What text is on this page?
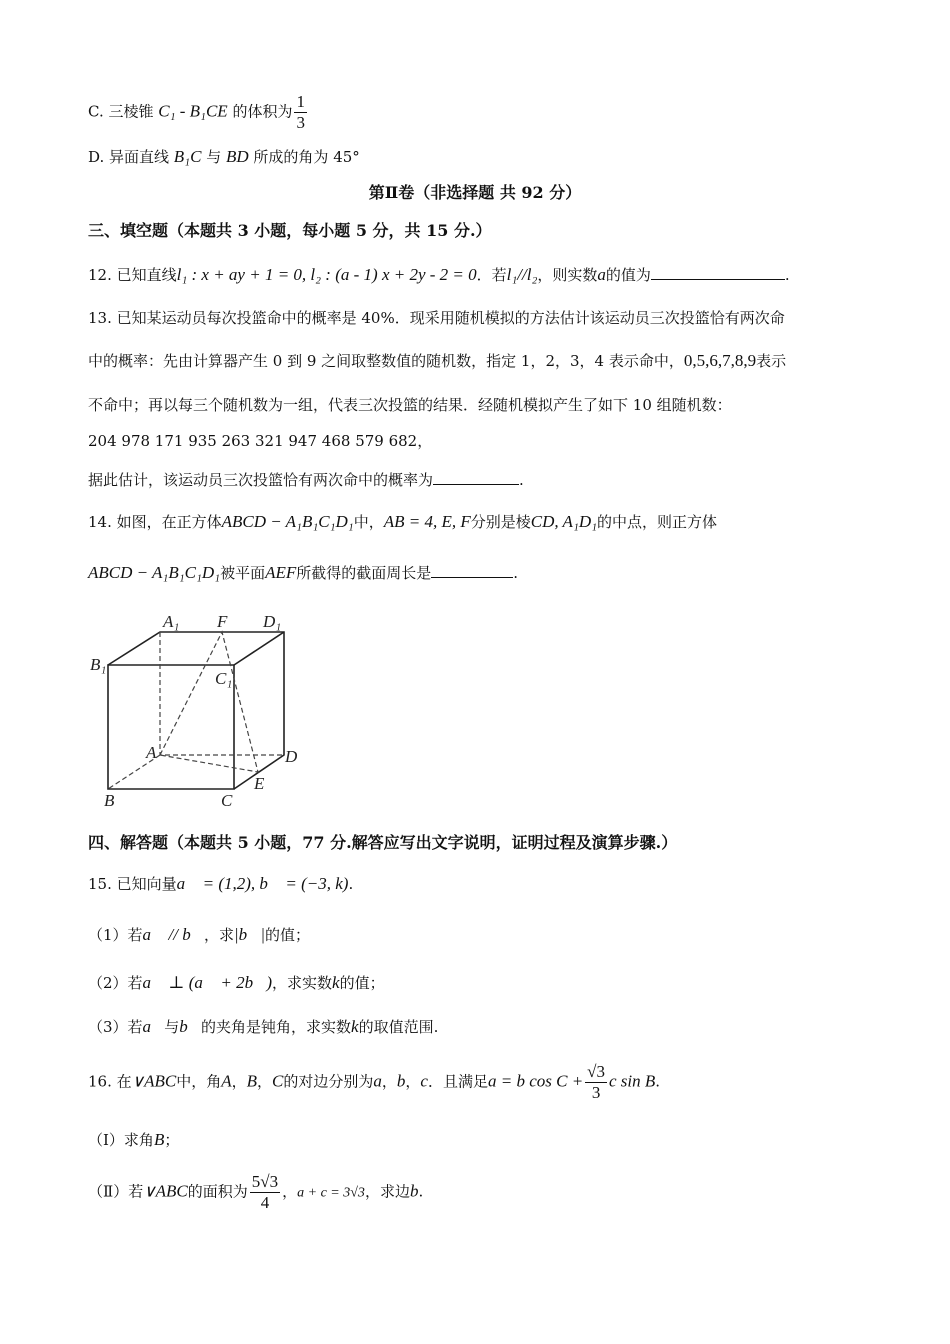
C. 三棱锥 C₁ - B₁CE 的体积为 $\frac{1}{3}$
D. 异面直线 B₁C 与 BD 所成的角为 45°
第Ⅱ卷（非选择题 共 92 分）
三、填空题（本题共 3 小题，每小题 5 分，共 15 分.）
12. 已知直线l₁ : x + ay + 1 = 0, l₂ : (a - 1) x + 2y - 2 = 0．若l₁//l₂，则实数a的值为	.
13. 已知某运动员每次投篮命中的概率是 40%．现采用随机模拟的方法估计该运动员三次投篮恰有两次命
中的概率：先由计算器产生 0 到 9 之间取整数值的随机数，指定 1，2，3，4 表示命中，0,5,6,7,8,9表示
不命中；再以每三个随机数为一组，代表三次投篮的结果．经随机模拟产生了如下 10 组随机数：
204 978 171 935 263 321 947 468 579 682，
据此估计，该运动员三次投篮恰有两次命中的概率为	.
14. 如图，在正方体ABCD − A₁B₁C₁D₁中，AB = 4, E, F分别是棱CD, A₁D₁的中点，则正方体
ABCD − A₁B₁C₁D₁被平面AEF所截得的截面周长是	.
A₁ F D₁
B₁
C₁
A	D
E
B	C
四、解答题（本题共 5 小题，77 分.解答应写出文字说明，证明过程及演算步骤.）
15. 已知向量a⃗ = (1,2), b⃗ = (−3, k).
（1）若a⃗ // b⃗，求|b⃗|的值；
（2）若a⃗ ⊥ (a⃗ + 2b⃗)，求实数k的值；
（3）若a⃗与b⃗的夹角是钝角，求实数k的取值范围.
16. 在∨ABC中，角A，B，C的对边分别为a，b，c．且满足a = b $\cos C + \frac{√3}{3}$ c sin B.
（Ⅰ）求角B；
（Ⅱ）若∨ABC的面积为 $\frac{5√3}{4}$ ，a + c = 3√3，求边b.
